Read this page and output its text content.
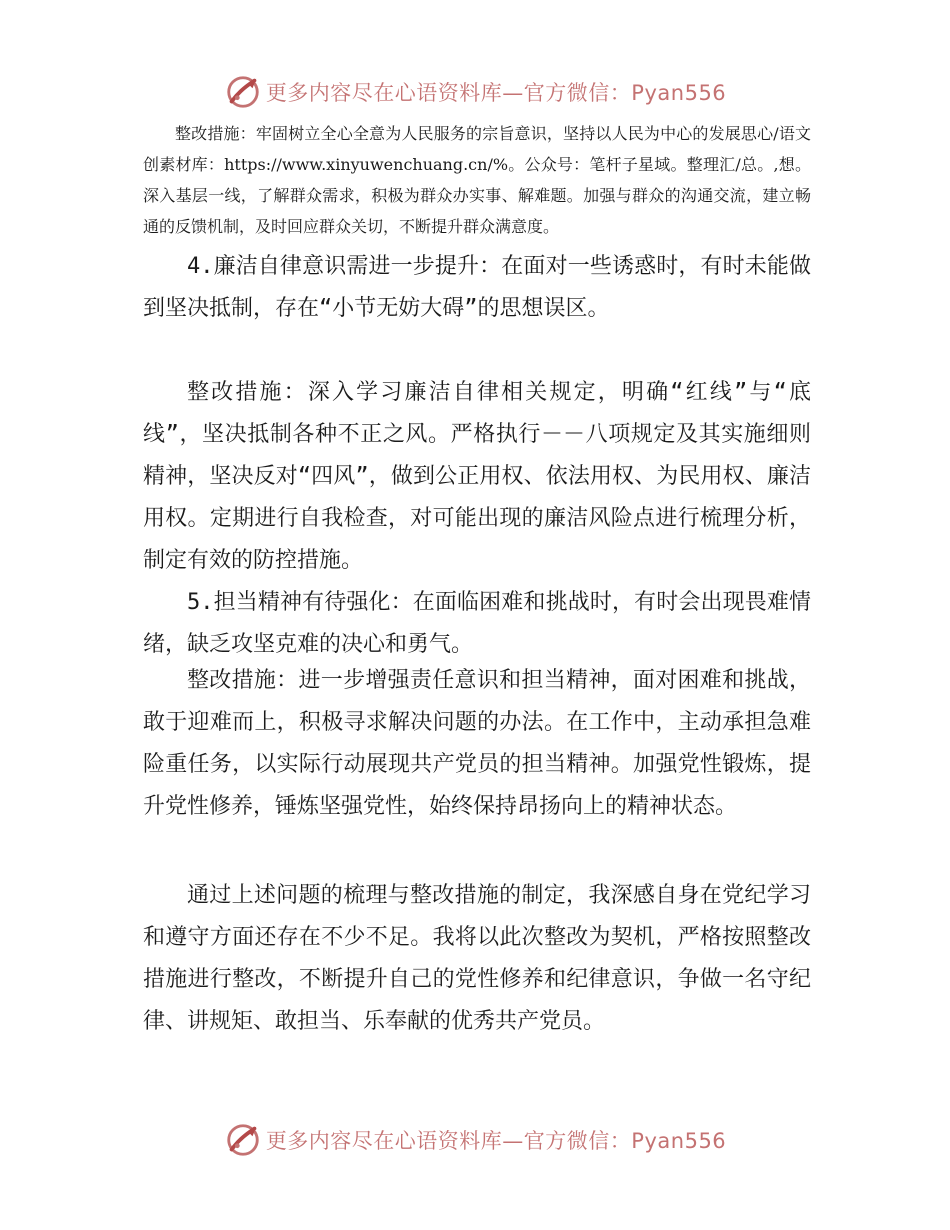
更多内容尽在心语资料库—官方微信：Pyan556

整改措施：牢固树立全心全意为人民服务的宗旨意识，坚持以人民为中心的发展思心/语文创素材库：https://www.xinyuwenchuang.cn/%。公众号：笔杆子星域。整理汇/总。,想。深入基层一线，了解群众需求，积极为群众办实事、解难题。加强与群众的沟通交流，建立畅通的反馈机制，及时回应群众关切，不断提升群众满意度。

4.廉洁自律意识需进一步提升：在面对一些诱惑时，有时未能做到坚决抵制，存在“小节无妨大碍”的思想误区。

整改措施：深入学习廉洁自律相关规定，明确“红线”与“底线”，坚决抵制各种不正之风。严格执行－－八项规定及其实施细则精神，坚决反对“四风”，做到公正用权、依法用权、为民用权、廉洁用权。定期进行自我检查，对可能出现的廉洁风险点进行梳理分析，制定有效的防控措施。

5.担当精神有待强化：在面临困难和挑战时，有时会出现畏难情绪，缺乏攻坚克难的决心和勇气。

整改措施：进一步增强责任意识和担当精神，面对困难和挑战，敢于迎难而上，积极寻求解决问题的办法。在工作中，主动承担急难险重任务，以实际行动展现共产党员的担当精神。加强党性锻炼，提升党性修养，锤炼坚强党性，始终保持昂扬向上的精神状态。

通过上述问题的梳理与整改措施的制定，我深感自身在党纪学习和遵守方面还存在不少不足。我将以此次整改为契机，严格按照整改措施进行整改，不断提升自己的党性修养和纪律意识，争做一名守纪律、讲规矩、敢担当、乐奉献的优秀共产党员。

更多内容尽在心语资料库—官方微信：Pyan556
